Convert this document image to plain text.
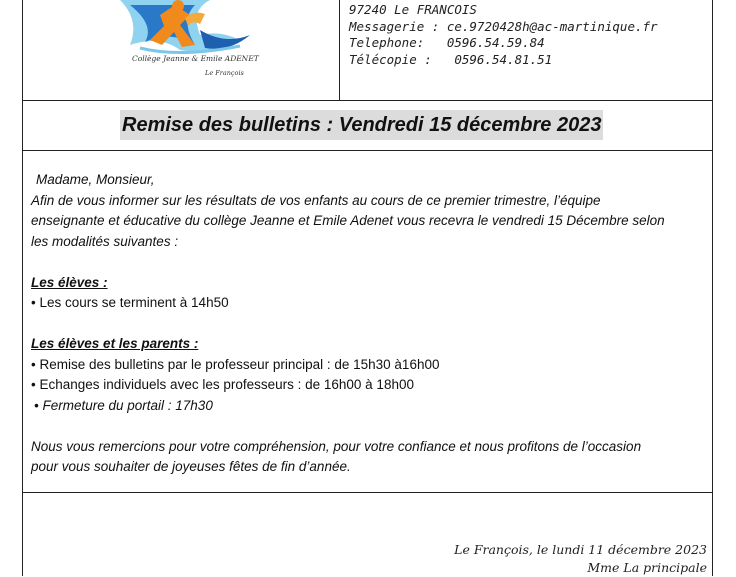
Collège Jeanne & Emile ADENET
Le François
97240 Le FRANCOIS
Messagerie : ce.9720428h@ac-martinique.fr
Telephone:   0596.54.59.84
Télécopie :   0596.54.81.51
Remise des bulletins : Vendredi 15 décembre 2023

Madame, Monsieur,

Afin de vous informer sur les résultats de vos enfants au cours de ce premier trimestre, l’équipe

enseignante et éducative du collège Jeanne et Emile Adenet vous recevra le vendredi 15 Décembre selon

les modalités suivantes :

Les élèves :

• Les cours se terminent à 14h50

Les élèves et les parents :

• Remise des bulletins par le professeur principal : de 15h30 à16h00

• Echanges individuels avec les professeurs : de 16h00 à 18h00

• Fermeture du portail : 17h30

Nous vous remercions pour votre compréhension, pour votre confiance et nous profitons de l’occasion

pour vous souhaiter de joyeuses fêtes de fin d’année.

Le François, le lundi 11 décembre 2023
Mme La principale
